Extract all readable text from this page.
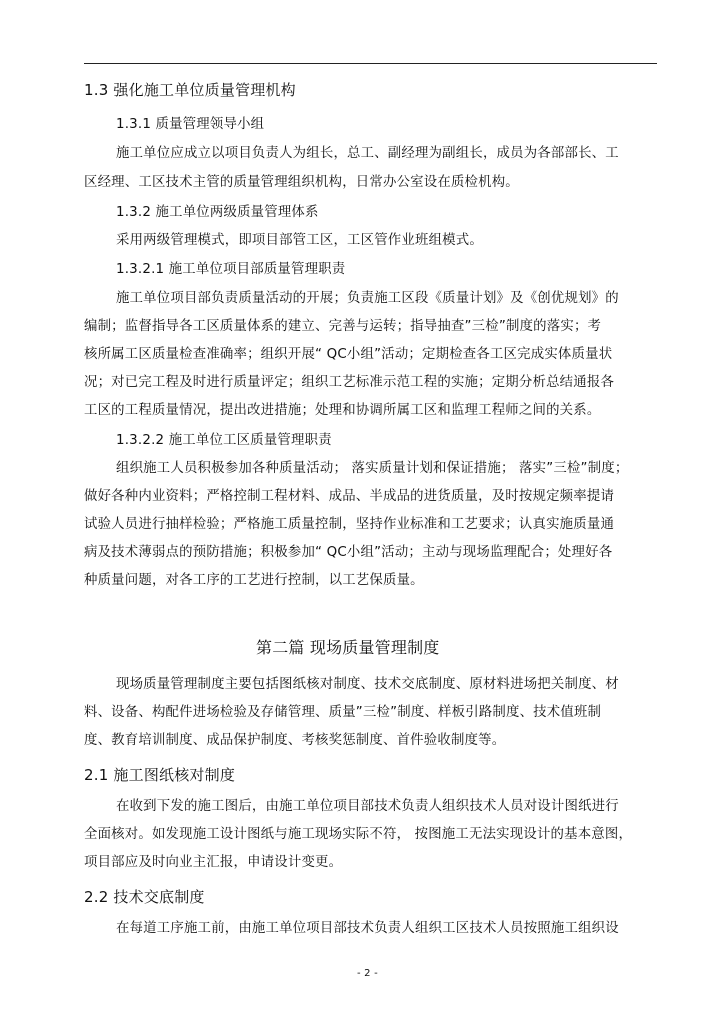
1.3 强化施工单位质量管理机构
1.3.1 质量管理领导小组
施工单位应成立以项目负责人为组长，总工、副经理为副组长，成员为各部部长、工
区经理、工区技术主管的质量管理组织机构，日常办公室设在质检机构。
1.3.2 施工单位两级质量管理体系
采用两级管理模式，即项目部管工区，工区管作业班组模式。
1.3.2.1 施工单位项目部质量管理职责
施工单位项目部负责质量活动的开展；负责施工区段《质量计划》及《创优规划》的
编制；监督指导各工区质量体系的建立、完善与运转；指导抽查”三检”制度的落实；考
核所属工区质量检查准确率；组织开展“ QC小组”活动；定期检查各工区完成实体质量状
况；对已完工程及时进行质量评定；组织工艺标准示范工程的实施；定期分析总结通报各
工区的工程质量情况，提出改进措施；处理和协调所属工区和监理工程师之间的关系。
1.3.2.2 施工单位工区质量管理职责
组织施工人员积极参加各种质量活动； 落实质量计划和保证措施； 落实”三检”制度；
做好各种内业资料；严格控制工程材料、成品、半成品的进货质量，及时按规定频率提请
试验人员进行抽样检验；严格施工质量控制，坚持作业标准和工艺要求；认真实施质量通
病及技术薄弱点的预防措施；积极参加“ QC小组”活动；主动与现场监理配合；处理好各
种质量问题，对各工序的工艺进行控制，以工艺保质量。
第二篇 现场质量管理制度
现场质量管理制度主要包括图纸核对制度、技术交底制度、原材料进场把关制度、材
料、设备、构配件进场检验及存储管理、质量”三检”制度、样板引路制度、技术值班制
度、教育培训制度、成品保护制度、考核奖惩制度、首件验收制度等。
2.1 施工图纸核对制度
在收到下发的施工图后，由施工单位项目部技术负责人组织技术人员对设计图纸进行
全面核对。如发现施工设计图纸与施工现场实际不符， 按图施工无法实现设计的基本意图，
项目部应及时向业主汇报，申请设计变更。
2.2 技术交底制度
在每道工序施工前，由施工单位项目部技术负责人组织工区技术人员按照施工组织设
- 2 -
